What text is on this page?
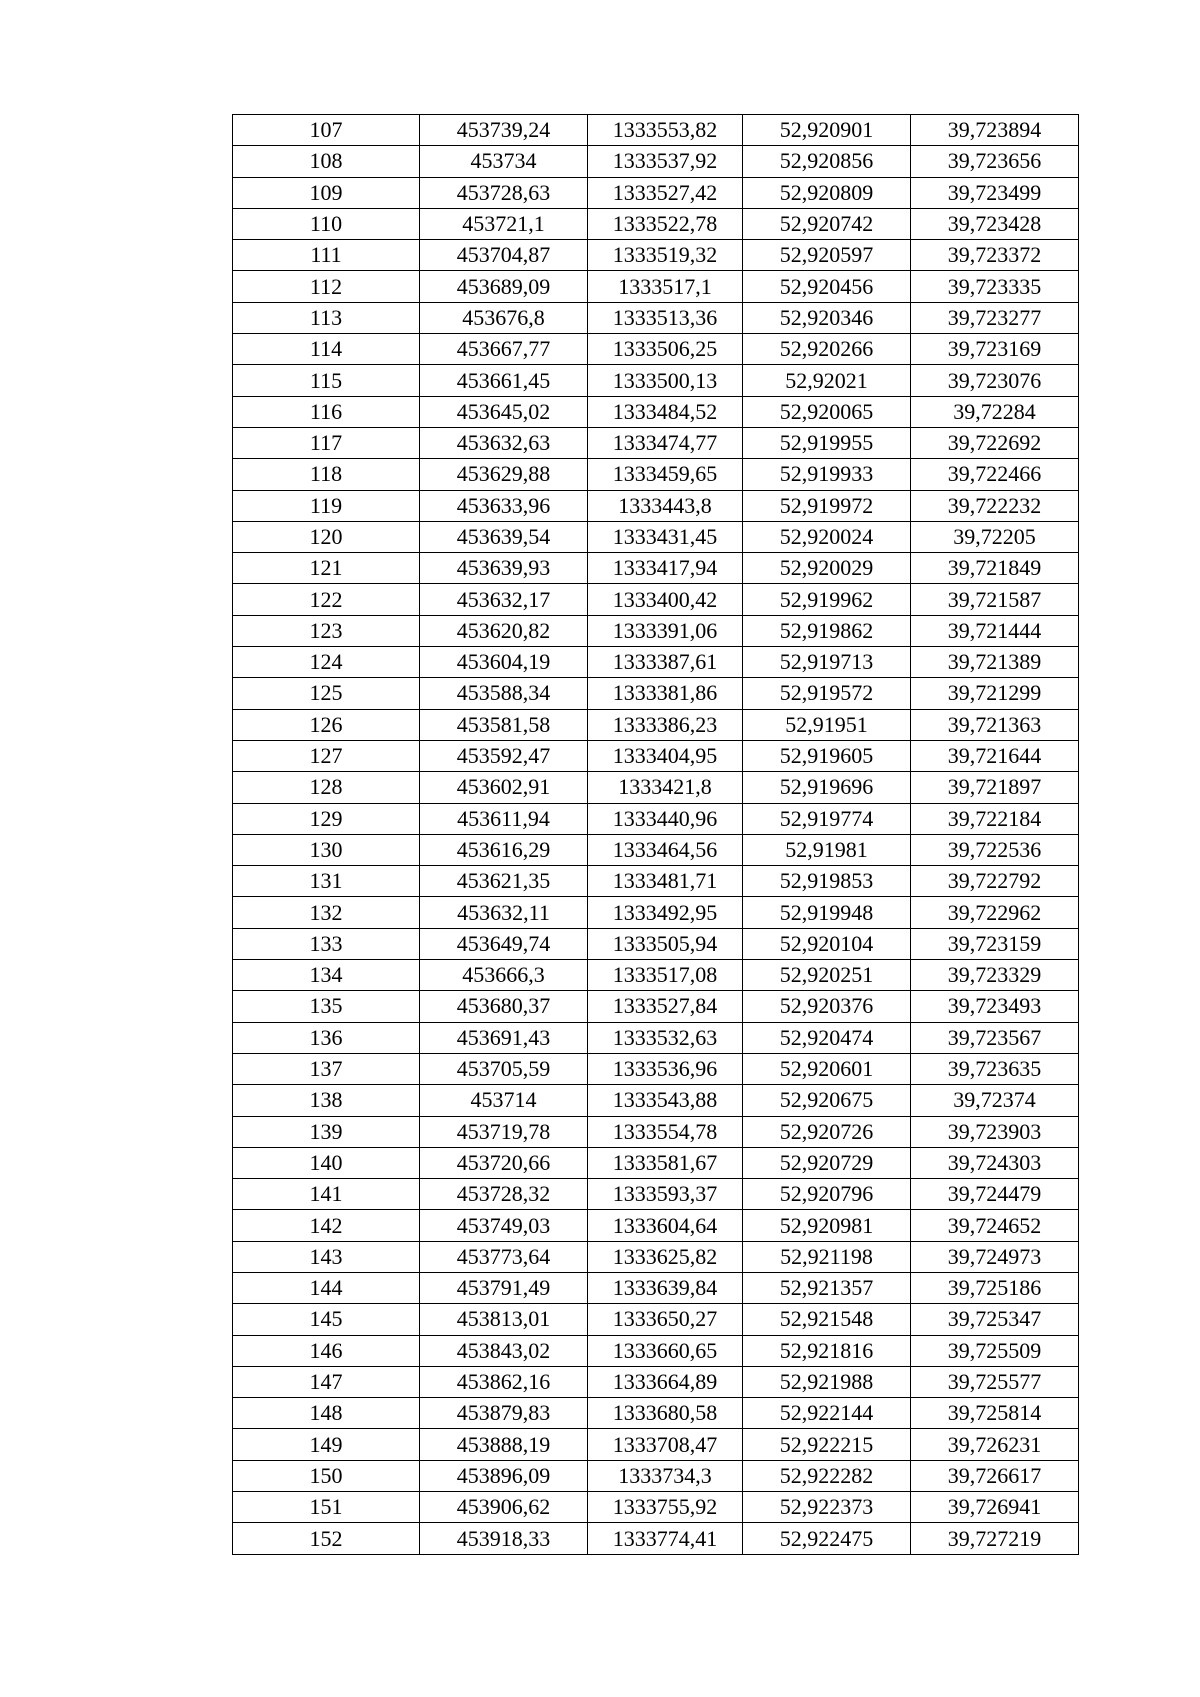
107	453739,24	1333553,82	52,920901	39,723894
108	453734	1333537,92	52,920856	39,723656
109	453728,63	1333527,42	52,920809	39,723499
110	453721,1	1333522,78	52,920742	39,723428
111	453704,87	1333519,32	52,920597	39,723372
112	453689,09	1333517,1	52,920456	39,723335
113	453676,8	1333513,36	52,920346	39,723277
114	453667,77	1333506,25	52,920266	39,723169
115	453661,45	1333500,13	52,92021	39,723076
116	453645,02	1333484,52	52,920065	39,72284
117	453632,63	1333474,77	52,919955	39,722692
118	453629,88	1333459,65	52,919933	39,722466
119	453633,96	1333443,8	52,919972	39,722232
120	453639,54	1333431,45	52,920024	39,72205
121	453639,93	1333417,94	52,920029	39,721849
122	453632,17	1333400,42	52,919962	39,721587
123	453620,82	1333391,06	52,919862	39,721444
124	453604,19	1333387,61	52,919713	39,721389
125	453588,34	1333381,86	52,919572	39,721299
126	453581,58	1333386,23	52,91951	39,721363
127	453592,47	1333404,95	52,919605	39,721644
128	453602,91	1333421,8	52,919696	39,721897
129	453611,94	1333440,96	52,919774	39,722184
130	453616,29	1333464,56	52,91981	39,722536
131	453621,35	1333481,71	52,919853	39,722792
132	453632,11	1333492,95	52,919948	39,722962
133	453649,74	1333505,94	52,920104	39,723159
134	453666,3	1333517,08	52,920251	39,723329
135	453680,37	1333527,84	52,920376	39,723493
136	453691,43	1333532,63	52,920474	39,723567
137	453705,59	1333536,96	52,920601	39,723635
138	453714	1333543,88	52,920675	39,72374
139	453719,78	1333554,78	52,920726	39,723903
140	453720,66	1333581,67	52,920729	39,724303
141	453728,32	1333593,37	52,920796	39,724479
142	453749,03	1333604,64	52,920981	39,724652
143	453773,64	1333625,82	52,921198	39,724973
144	453791,49	1333639,84	52,921357	39,725186
145	453813,01	1333650,27	52,921548	39,725347
146	453843,02	1333660,65	52,921816	39,725509
147	453862,16	1333664,89	52,921988	39,725577
148	453879,83	1333680,58	52,922144	39,725814
149	453888,19	1333708,47	52,922215	39,726231
150	453896,09	1333734,3	52,922282	39,726617
151	453906,62	1333755,92	52,922373	39,726941
152	453918,33	1333774,41	52,922475	39,727219
